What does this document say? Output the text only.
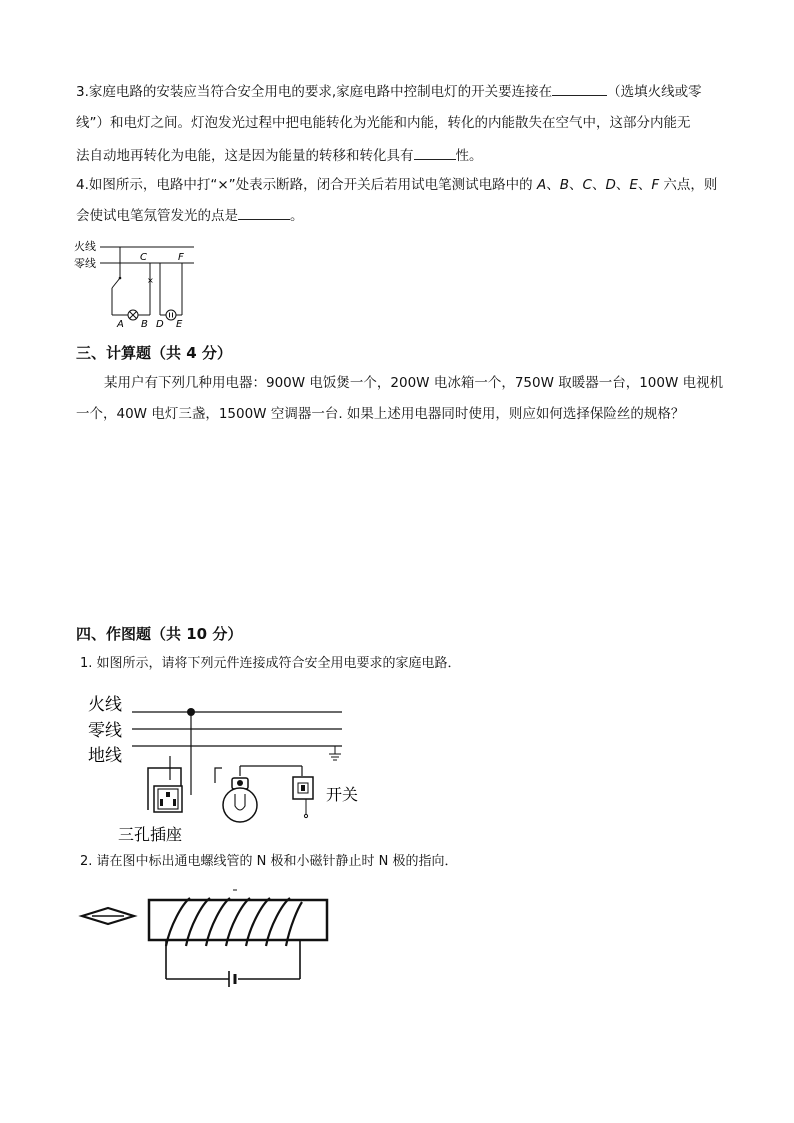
3.家庭电路的安装应当符合安全用电的要求,家庭电路中控制电灯的开关要连接在	（选填火线或零
线”）和电灯之间。灯泡发光过程中把电能转化为光能和内能，转化的内能散失在空气中，这部分内能无
法自动地再转化为电能，这是因为能量的转移和转化具有	性。
4.如图所示，电路中打“×”处表示断路，闭合开关后若用试电笔测试电路中的 A、B、C、D、E、F 六点，则
会使试电笔氖管发光的点是	。
火线
零线	C	F
×
A B D E
三、计算题（共 4 分）
某用户有下列几种用电器：900W 电饭煲一个，200W 电冰箱一个，750W 取暖器一台，100W 电视机
一个，40W 电灯三盏，1500W 空调器一台. 如果上述用电器同时使用，则应如何选择保险丝的规格？
四、作图题（共 10 分）
1. 如图所示，请将下列元件连接成符合安全用电要求的家庭电路．
火线
零线
地线
三孔插座
开关
2. 请在图中标出通电螺线管的 N 极和小磁针静止时 N 极的指向．
